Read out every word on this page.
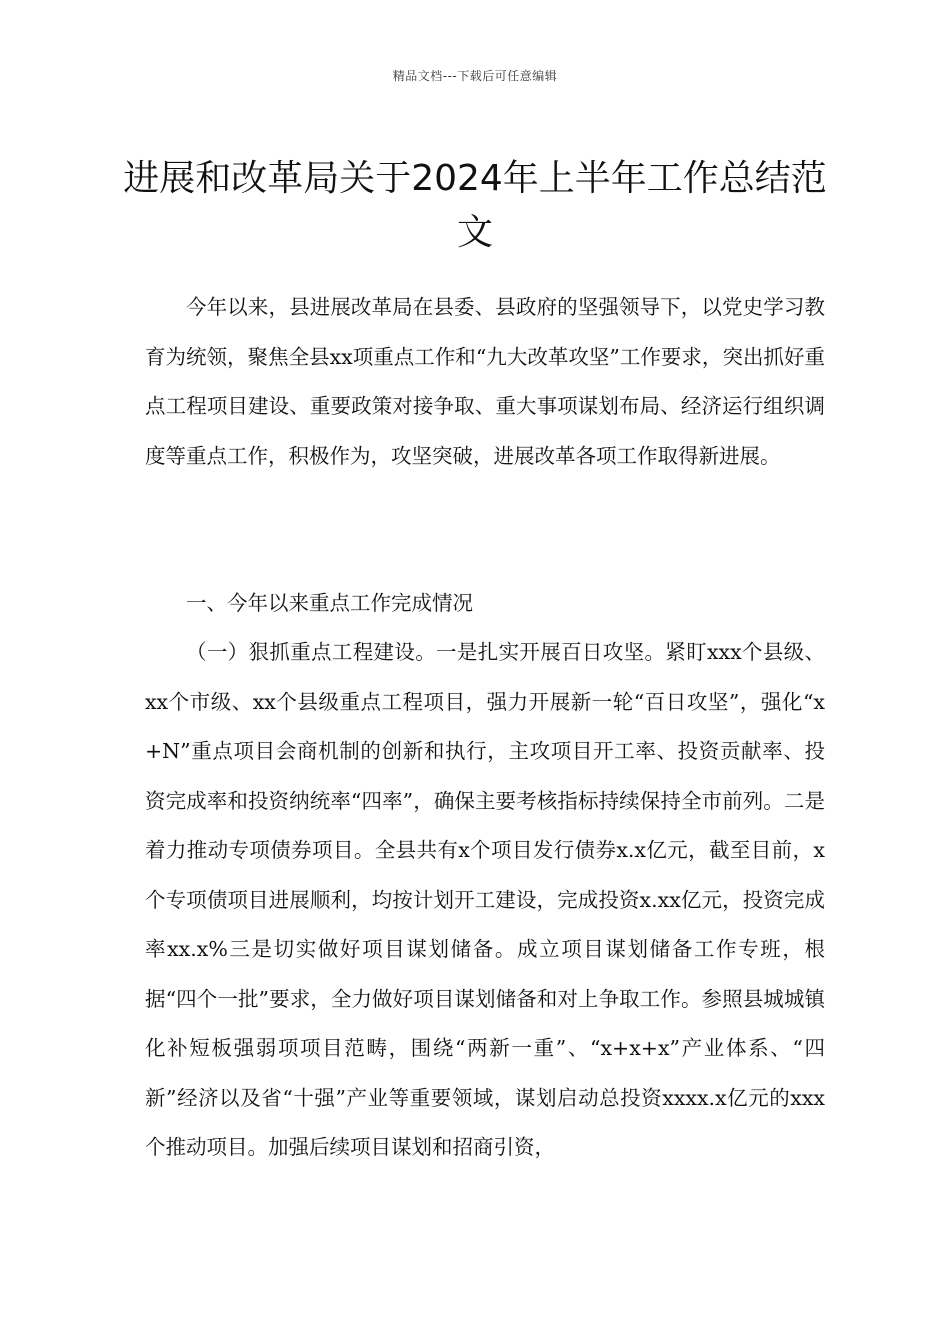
精品文档---下载后可任意编辑
进展和改革局关于2024年上半年工作总结范文

今年以来，县进展改革局在县委、县政府的坚强领导下，以党史学习教育为统领，聚焦全县xx项重点工作和“九大改革攻坚”工作要求，突出抓好重点工程项目建设、重要政策对接争取、重大事项谋划布局、经济运行组织调度等重点工作，积极作为，攻坚突破，进展改革各项工作取得新进展。

一、今年以来重点工作完成情况

（一）狠抓重点工程建设。一是扎实开展百日攻坚。紧盯xxx个县级、xx个市级、xx个县级重点工程项目，强力开展新一轮“百日攻坚”，强化“x+N”重点项目会商机制的创新和执行，主攻项目开工率、投资贡献率、投资完成率和投资纳统率“四率”，确保主要考核指标持续保持全市前列。二是着力推动专项债券项目。全县共有x个项目发行债券x.x亿元，截至目前，x个专项债项目进展顺利，均按计划开工建设，完成投资x.xx亿元，投资完成率xx.x%三是切实做好项目谋划储备。成立项目谋划储备工作专班，根据“四个一批”要求，全力做好项目谋划储备和对上争取工作。参照县城城镇化补短板强弱项项目范畴，围绕“两新一重”、“x+x+x”产业体系、“四新”经济以及省“十强”产业等重要领域，谋划启动总投资xxxx.x亿元的xxx个推动项目。加强后续项目谋划和招商引资，
